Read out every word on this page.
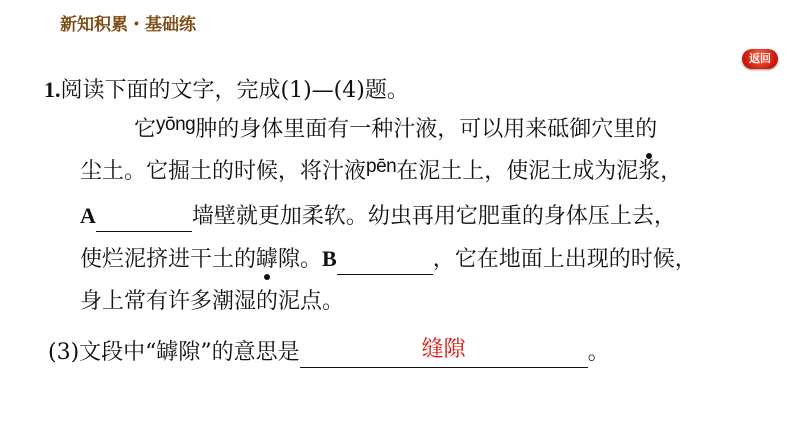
新知积累・基础练
返回
1.阅读下面的文字，完成(1)—(4)题。
它yōng肿的身体里面有一种汁液，可以用来砥御穴里的
尘土。它掘土的时候，将汁液pēn在泥土上，使泥土成为泥浆
，
A	墙壁就更加柔软。幼虫再用它肥重的身体压上去，
使烂泥挤进干土的罅
隙。B	，它在地面上出现的时候，
身上常有许多潮湿的泥点。
(3)文段中“罅隙”的意思是	缝隙	。
